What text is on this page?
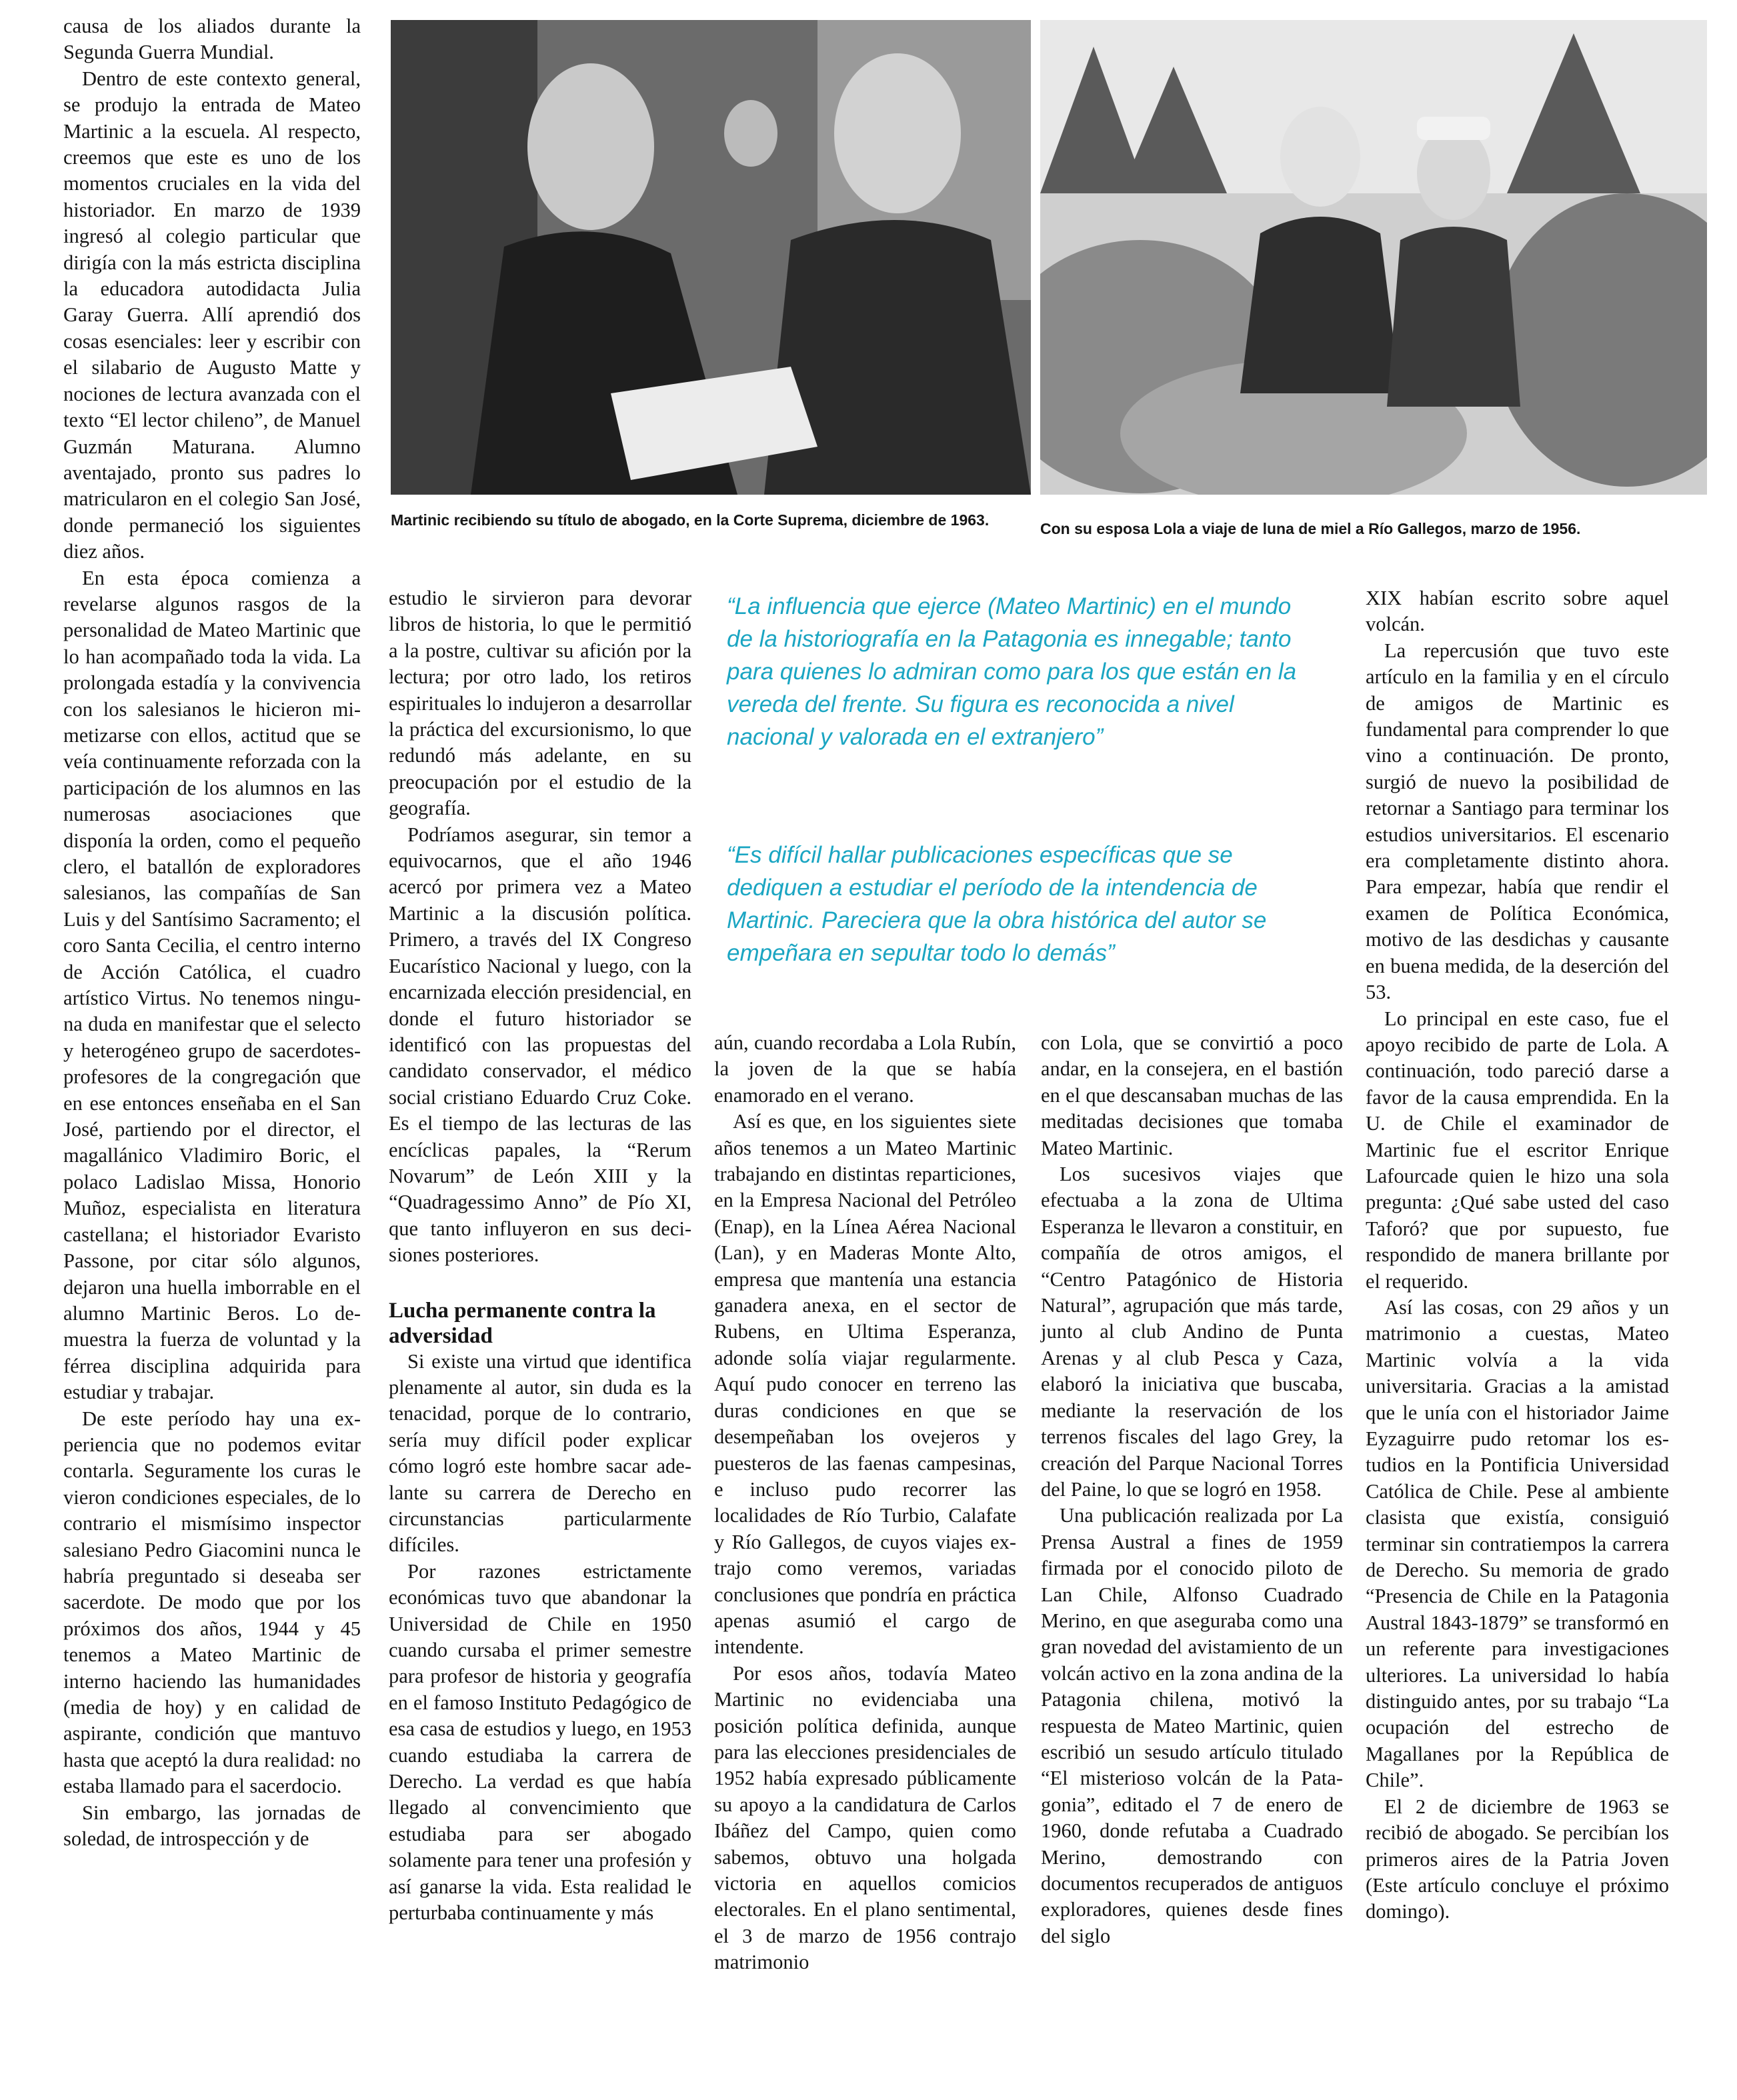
causa de los aliados durante la Segunda Guerra Mundial.

Dentro de este contexto general, se produjo la entrada de Mateo Martinic a la escuela. Al respecto, creemos que este es uno de los momentos cruciales en la vida del historiador. En marzo de 1939 ingresó al colegio particular que dirigía con la más estricta disciplina la educadora autodidacta Julia Garay Guerra. Allí aprendió dos cosas esenciales: leer y escribir con el silabario de Augusto Matte y nociones de lectura avanzada con el texto “El lector chileno”, de Manuel Guzmán Maturana. Alumno aventajado, pronto sus padres lo matricularon en el colegio San José, donde permaneció los siguientes diez años.

En esta época comienza a revelarse algunos rasgos de la personalidad de Mateo Martinic que lo han acompañado toda la vida. La prolongada estadía y la convivencia con los salesianos le hicieron mimetizarse con ellos, actitud que se veía continuamente reforzada con la participación de los alumnos en las numerosas asociaciones que disponía la orden, como el pequeño clero, el batallón de exploradores salesianos, las compañías de San Luis y del Santísimo Sacramento; el coro Santa Cecilia, el centro interno de Acción Católica, el cuadro artístico Virtus. No tenemos ninguna duda en manifestar que el selecto y heterogéneo grupo de sacerdotes-profesores de la congregación que en ese entonces enseñaba en el San José, partiendo por el director, el magallánico Vladimiro Boric, el polaco Ladislao Missa, Honorio Muñoz, especialista en literatura castellana; el historiador Evaristo Passone, por citar sólo algunos, dejaron una huella imborrable en el alumno Martinic Beros. Lo demuestra la fuerza de voluntad y la férrea disciplina adquirida para estudiar y trabajar.

De este período hay una experiencia que no podemos evitar contarla. Seguramente los curas le vieron condiciones especiales, de lo contrario el mismísimo inspector salesiano Pedro Giacomini nunca le habría preguntado si deseaba ser sacerdote. De modo que por los próximos dos años, 1944 y 45 tenemos a Mateo Martinic de interno haciendo las humanidades (media de hoy) y en calidad de aspirante, condición que mantuvo hasta que aceptó la dura realidad: no estaba llamado para el sacerdocio.

Sin embargo, las jornadas de soledad, de introspección y de

Martinic recibiendo su título de abogado, en la Corte Suprema, diciembre de 1963.	Con su esposa Lola a viaje de luna de miel a Río Gallegos, marzo de 1956.

estudio le sirvieron para devorar libros de historia, lo que le permitió a la postre, cultivar su afición por la lectura; por otro lado, los retiros espirituales lo indujeron a desarrollar la práctica del excursionismo, lo que redundó más adelante, en su preocupación por el estudio de la geografía.

Podríamos asegurar, sin temor a equivocarnos, que el año 1946 acercó por primera vez a Mateo Martinic a la discusión política. Primero, a través del IX Congreso Eucarístico Nacional y luego, con la encarnizada elección presidencial, en donde el futuro historiador se identificó con las propuestas del candidato conservador, el médico social cristiano Eduardo Cruz Coke. Es el tiempo de las lecturas de las encíclicas papales, la “Rerum Novarum” de León XIII y la “Quadragessimo Anno” de Pío XI, que tanto influyeron en sus decisiones posteriores.

Lucha permanente contra la adversidad

Si existe una virtud que identifica plenamente al autor, sin duda es la tenacidad, porque de lo contrario, sería muy difícil poder explicar cómo logró este hombre sacar adelante su carrera de Derecho en circunstancias particularmente difíciles.

Por razones estrictamente económicas tuvo que abandonar la Universidad de Chile en 1950 cuando cursaba el primer semestre para profesor de historia y geografía en el famoso Instituto Pedagógico de esa casa de estudios y luego, en 1953 cuando estudiaba la carrera de Derecho. La verdad es que había llegado al convencimiento que estudiaba para ser abogado solamente para tener una profesión y así ganarse la vida. Esta realidad le perturbaba continuamente y más

“La influencia que ejerce (Mateo Martinic) en el mundo de la historiografía en la Patagonia es innegable; tanto para quienes lo admiran como para los que están en la vereda del frente. Su figura es reconocida a nivel nacional y valorada en el extranjero”
“Es difícil hallar publicaciones específicas que se dediquen a estudiar el período de la intendencia de Martinic. Pareciera que la obra histórica del autor se empeñara en sepultar todo lo demás”

aún, cuando recordaba a Lola Rubín, la joven de la que se había enamorado en el verano.

Así es que, en los siguientes siete años tenemos a un Mateo Martinic trabajando en distintas reparticiones, en la Empresa Nacional del Petróleo (Enap), en la Línea Aérea Nacional (Lan), y en Maderas Monte Alto, empresa que mantenía una estancia ganadera anexa, en el sector de Rubens, en Ultima Esperanza, adonde solía viajar regularmente. Aquí pudo conocer en terreno las duras condiciones en que se desempeñaban los ovejeros y puesteros de las faenas campesinas, e incluso pudo recorrer las localidades de Río Turbio, Calafate y Río Gallegos, de cuyos viajes extrajo como veremos, variadas conclusiones que pondría en práctica apenas asumió el cargo de intendente.

Por esos años, todavía Mateo Martinic no evidenciaba una posición política definida, aunque para las elecciones presidenciales de 1952 había expresado públicamente su apoyo a la candidatura de Carlos Ibáñez del Campo, quien como sabemos, obtuvo una holgada victoria en aquellos comicios electorales. En el plano sentimental, el 3 de marzo de 1956 contrajo matrimonio

con Lola, que se convirtió a poco andar, en la consejera, en el bastión en el que descansaban muchas de las meditadas decisiones que tomaba Mateo Martinic.

Los sucesivos viajes que efectuaba a la zona de Ultima Esperanza le llevaron a constituir, en compañía de otros amigos, el “Centro Patagónico de Historia Natural”, agrupación que más tarde, junto al club Andino de Punta Arenas y al club Pesca y Caza, elaboró la iniciativa que buscaba, mediante la reservación de los terrenos fiscales del lago Grey, la creación del Parque Nacional Torres del Paine, lo que se logró en 1958.

Una publicación realizada por La Prensa Austral a fines de 1959 firmada por el conocido piloto de Lan Chile, Alfonso Cuadrado Merino, en que aseguraba como una gran novedad del avistamiento de un volcán activo en la zona andina de la Patagonia chilena, motivó la respuesta de Mateo Martinic, quien escribió un sesudo artículo titulado “El misterioso volcán de la Patagonia”, editado el 7 de enero de 1960, donde refutaba a Cuadrado Merino, demostrando con documentos recuperados de antiguos exploradores, quienes desde fines del siglo

XIX habían escrito sobre aquel volcán.

La repercusión que tuvo este artículo en la familia y en el círculo de amigos de Martinic es fundamental para comprender lo que vino a continuación. De pronto, surgió de nuevo la posibilidad de retornar a Santiago para terminar los estudios universitarios. El escenario era completamente distinto ahora. Para empezar, había que rendir el examen de Política Económica, motivo de las desdichas y causante en buena medida, de la deserción del 53.

Lo principal en este caso, fue el apoyo recibido de parte de Lola. A continuación, todo pareció darse a favor de la causa emprendida. En la U. de Chile el examinador de Martinic fue el escritor Enrique Lafourcade quien le hizo una sola pregunta: ¿Qué sabe usted del caso Taforó? que por supuesto, fue respondido de manera brillante por el requerido.

Así las cosas, con 29 años y un matrimonio a cuestas, Mateo Martinic volvía a la vida universitaria. Gracias a la amistad que le unía con el historiador Jaime Eyzaguirre pudo retomar los estudios en la Pontificia Universidad Católica de Chile. Pese al ambiente clasista que existía, consiguió terminar sin contratiempos la carrera de Derecho. Su memoria de grado “Presencia de Chile en la Patagonia Austral 1843-1879” se transformó en un referente para investigaciones ulteriores. La universidad lo había distinguido antes, por su trabajo “La ocupación del estrecho de Magallanes por la República de Chile”.

El 2 de diciembre de 1963 se recibió de abogado. Se percibían los primeros aires de la Patria Joven (Este artículo concluye el próximo domingo).
